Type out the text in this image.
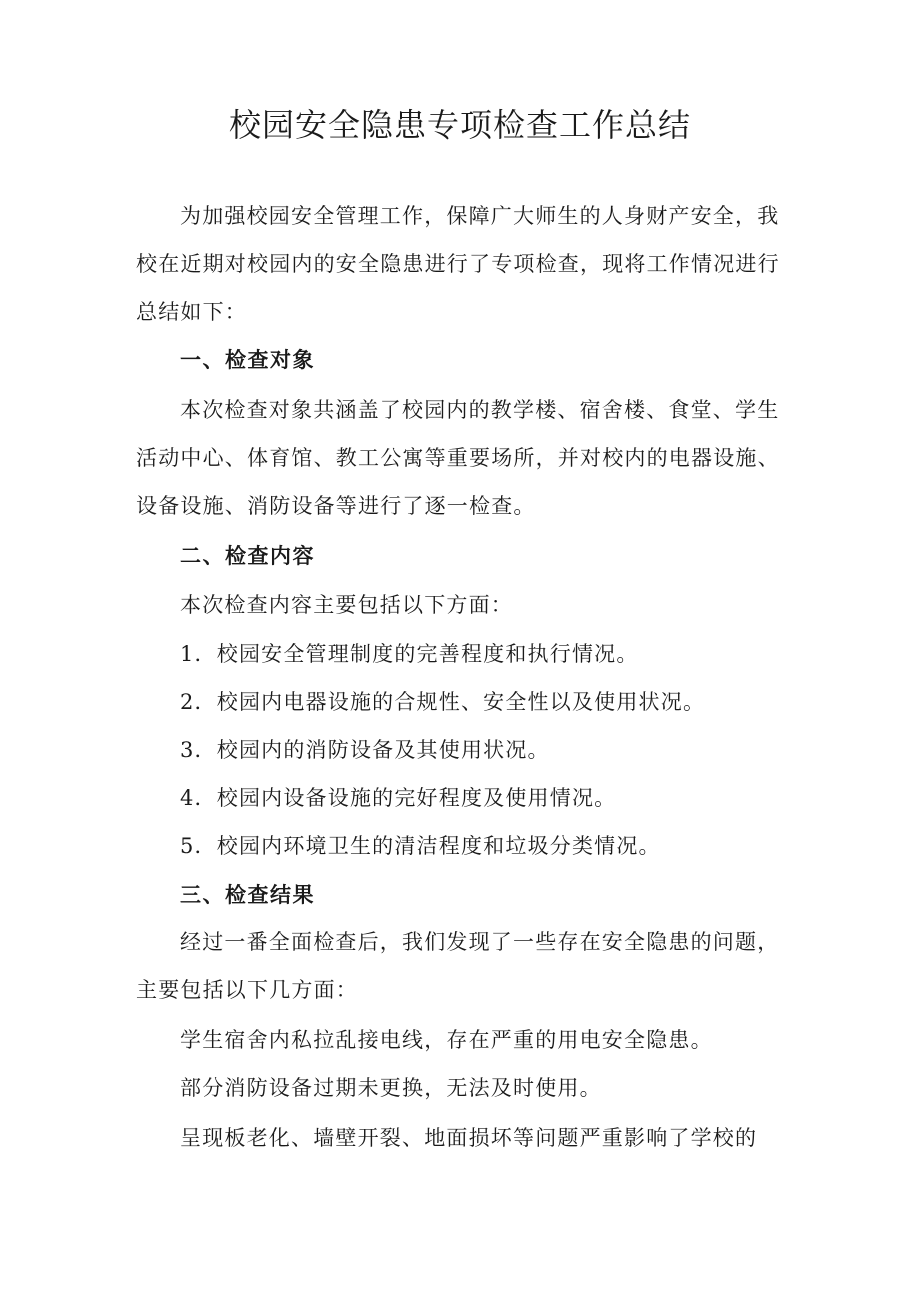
校园安全隐患专项检查工作总结

为加强校园安全管理工作，保障广大师生的人身财产安全，我校在近期对校园内的安全隐患进行了专项检查，现将工作情况进行总结如下：

一、检查对象

本次检查对象共涵盖了校园内的教学楼、宿舍楼、食堂、学生活动中心、体育馆、教工公寓等重要场所，并对校内的电器设施、设备设施、消防设备等进行了逐一检查。

二、检查内容

本次检查内容主要包括以下方面：

1．校园安全管理制度的完善程度和执行情况。

2．校园内电器设施的合规性、安全性以及使用状况。

3．校园内的消防设备及其使用状况。

4．校园内设备设施的完好程度及使用情况。

5．校园内环境卫生的清洁程度和垃圾分类情况。

三、检查结果

经过一番全面检查后，我们发现了一些存在安全隐患的问题，主要包括以下几方面：

学生宿舍内私拉乱接电线，存在严重的用电安全隐患。

部分消防设备过期未更换，无法及时使用。

呈现板老化、墙壁开裂、地面损坏等问题严重影响了学校的
